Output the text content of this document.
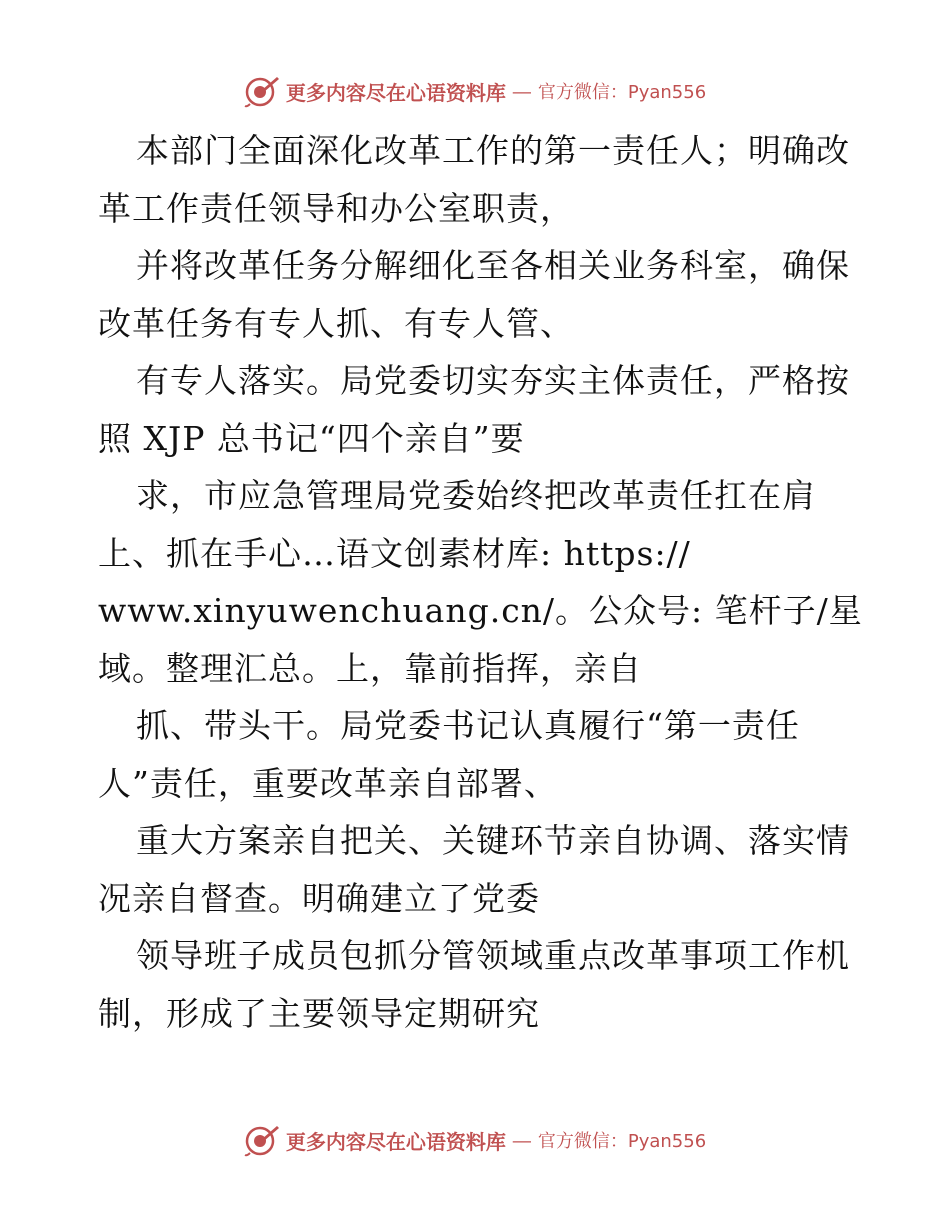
更多内容尽在心语资料库 — 官方微信：Pyan556
本部门全面深化改革工作的第一责任人；明确改
革工作责任领导和办公室职责，
并将改革任务分解细化至各相关业务科室，确保
改革任务有专人抓、有专人管、
有专人落实。局党委切实夯实主体责任，严格按
照 XJP 总书记“四个亲自”要
求，市应急管理局党委始终把改革责任扛在肩
上、抓在手心…语文创素材库: https://
www.xinyuwenchuang.cn/。公众号: 笔杆子/星
域。整理汇总。上，靠前指挥，亲自
抓、带头干。局党委书记认真履行“第一责任
人”责任，重要改革亲自部署、
重大方案亲自把关、关键环节亲自协调、落实情
况亲自督查。明确建立了党委
领导班子成员包抓分管领域重点改革事项工作机
制，形成了主要领导定期研究
更多内容尽在心语资料库 — 官方微信：Pyan556
